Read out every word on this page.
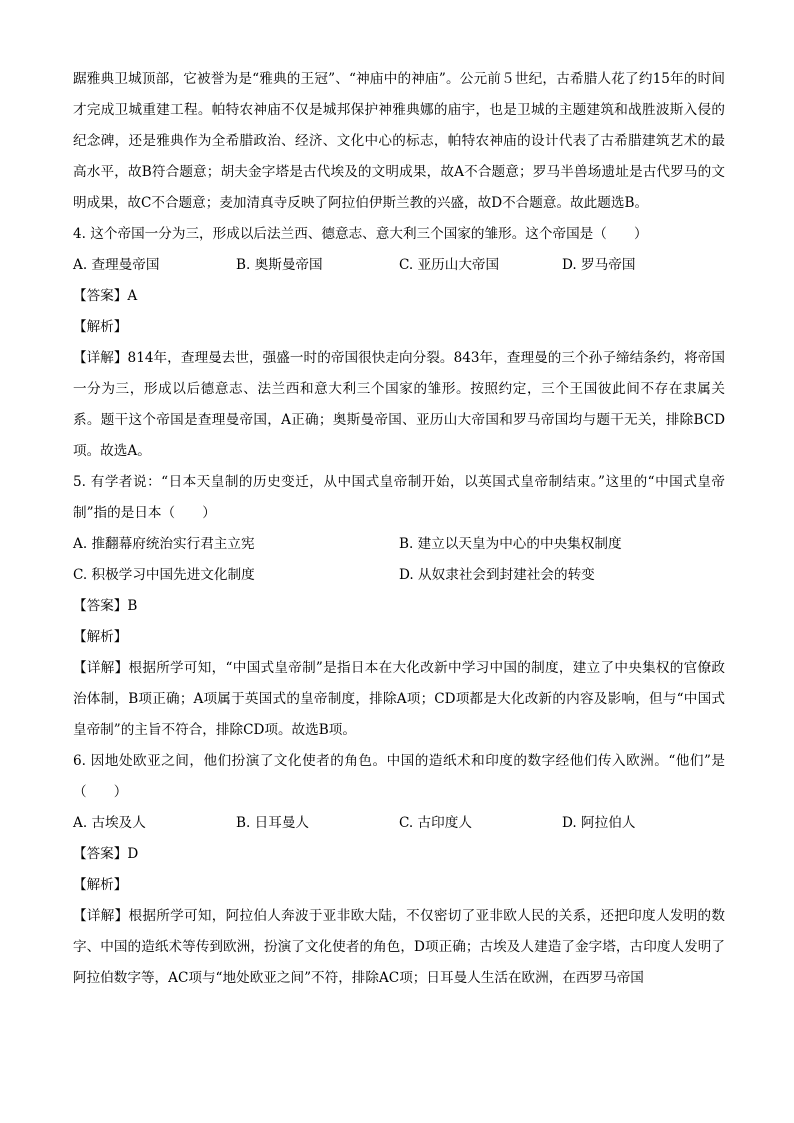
踞雅典卫城顶部，它被誉为是“雅典的王冠”、“神庙中的神庙”。公元前５世纪，古希腊人花了约15年的时间才完成卫城重建工程。帕特农神庙不仅是城邦保护神雅典娜的庙宇，也是卫城的主题建筑和战胜波斯入侵的纪念碑，还是雅典作为全希腊政治、经济、文化中心的标志，帕特农神庙的设计代表了古希腊建筑艺术的最高水平，故B符合题意；胡夫金字塔是古代埃及的文明成果，故A不合题意；罗马半兽场遗址是古代罗马的文明成果，故C不合题意；麦加清真寺反映了阿拉伯伊斯兰教的兴盛，故D不合题意。故此题选B。

4. 这个帝国一分为三，形成以后法兰西、德意志、意大利三个国家的雏形。这个帝国是（　　）

A. 查理曼帝国	B. 奥斯曼帝国	C. 亚历山大帝国	D. 罗马帝国

【答案】A

【解析】

【详解】814年，查理曼去世，强盛一时的帝国很快走向分裂。843年，查理曼的三个孙子缔结条约，将帝国一分为三，形成以后德意志、法兰西和意大利三个国家的雏形。按照约定，三个王国彼此间不存在隶属关系。题干这个帝国是查理曼帝国，A正确；奥斯曼帝国、亚历山大帝国和罗马帝国均与题干无关，排除BCD项。故选A。

5. 有学者说：“日本天皇制的历史变迁，从中国式皇帝制开始，以英国式皇帝制结束。”这里的“中国式皇帝制”指的是日本（　　）

A. 推翻幕府统治实行君主立宪	B. 建立以天皇为中心的中央集权制度
C. 积极学习中国先进文化制度	D. 从奴隶社会到封建社会的转变

【答案】B

【解析】

【详解】根据所学可知，“中国式皇帝制”是指日本在大化改新中学习中国的制度，建立了中央集权的官僚政治体制，B项正确；A项属于英国式的皇帝制度，排除A项；CD项都是大化改新的内容及影响，但与“中国式皇帝制”的主旨不符合，排除CD项。故选B项。

6. 因地处欧亚之间，他们扮演了文化使者的角色。中国的造纸术和印度的数字经他们传入欧洲。“他们”是（　　）

A. 古埃及人	B. 日耳曼人	C. 古印度人	D. 阿拉伯人

【答案】D

【解析】

【详解】根据所学可知，阿拉伯人奔波于亚非欧大陆，不仅密切了亚非欧人民的关系，还把印度人发明的数字、中国的造纸术等传到欧洲，扮演了文化使者的角色，D项正确；古埃及人建造了金字塔，古印度人发明了阿拉伯数字等，AC项与“地处欧亚之间”不符，排除AC项；日耳曼人生活在欧洲，在西罗马帝国
